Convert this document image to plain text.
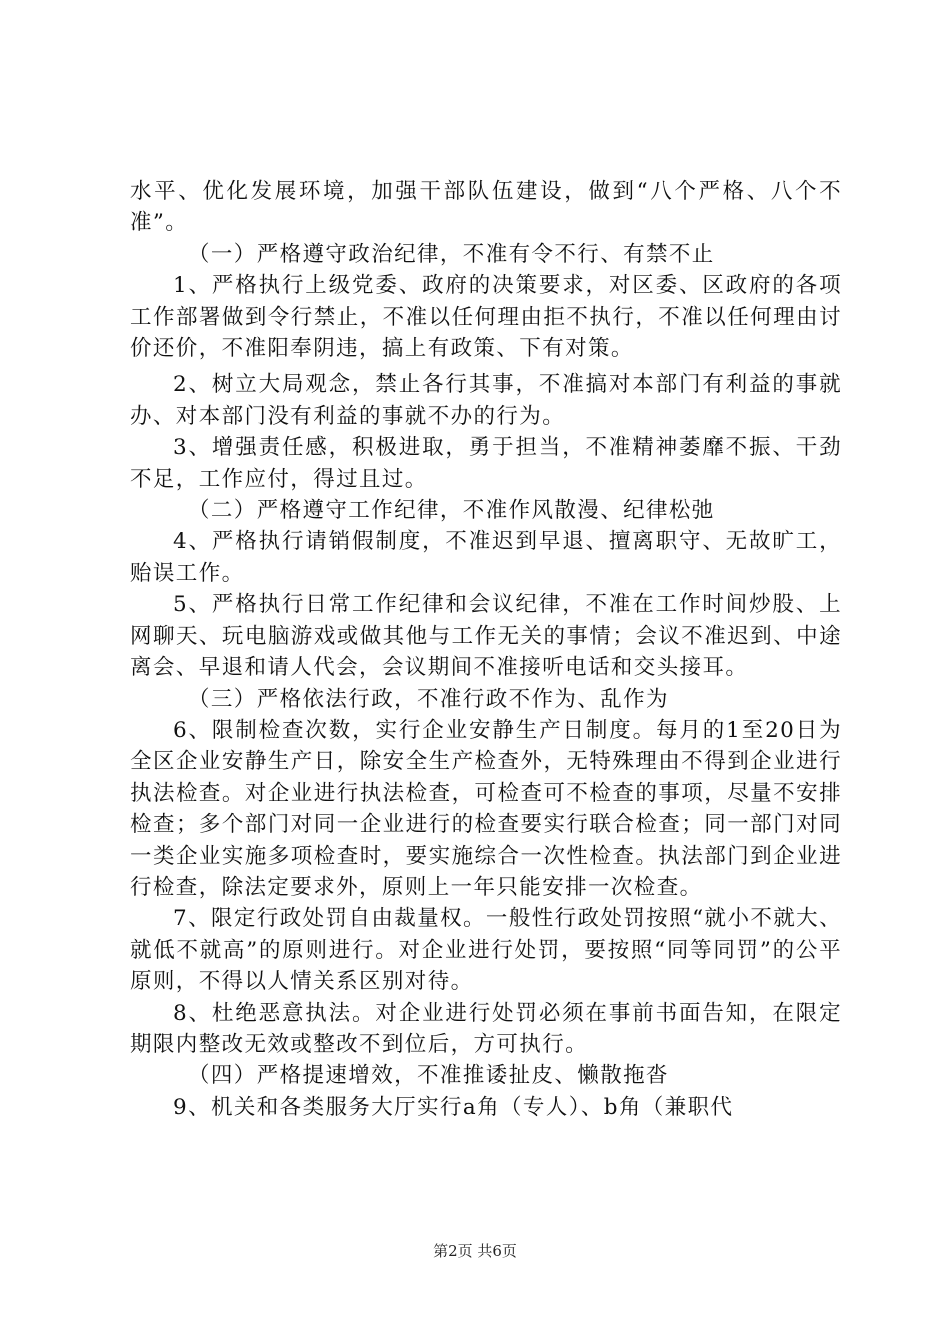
水平、优化发展环境，加强干部队伍建设，做到“八个严格、八个不准”。

（一）严格遵守政治纪律，不准有令不行、有禁不止

1、严格执行上级党委、政府的决策要求，对区委、区政府的各项工作部署做到令行禁止，不准以任何理由拒不执行，不准以任何理由讨价还价，不准阳奉阴违，搞上有政策、下有对策。

2、树立大局观念，禁止各行其事，不准搞对本部门有利益的事就办、对本部门没有利益的事就不办的行为。

3、增强责任感，积极进取，勇于担当，不准精神萎靡不振、干劲不足，工作应付，得过且过。

（二）严格遵守工作纪律，不准作风散漫、纪律松弛

4、严格执行请销假制度，不准迟到早退、擅离职守、无故旷工，贻误工作。

5、严格执行日常工作纪律和会议纪律，不准在工作时间炒股、上网聊天、玩电脑游戏或做其他与工作无关的事情；会议不准迟到、中途离会、早退和请人代会，会议期间不准接听电话和交头接耳。

（三）严格依法行政，不准行政不作为、乱作为

6、限制检查次数，实行企业安静生产日制度。每月的1至20日为全区企业安静生产日，除安全生产检查外，无特殊理由不得到企业进行执法检查。对企业进行执法检查，可检查可不检查的事项，尽量不安排检查；多个部门对同一企业进行的检查要实行联合检查；同一部门对同一类企业实施多项检查时，要实施综合一次性检查。执法部门到企业进行检查，除法定要求外，原则上一年只能安排一次检查。

7、限定行政处罚自由裁量权。一般性行政处罚按照“就小不就大、就低不就高”的原则进行。对企业进行处罚，要按照“同等同罚”的公平原则，不得以人情关系区别对待。

8、杜绝恶意执法。对企业进行处罚必须在事前书面告知，在限定期限内整改无效或整改不到位后，方可执行。

（四）严格提速增效，不准推诿扯皮、懒散拖沓

9、机关和各类服务大厅实行a角（专人）、b角（兼职代

第2页 共6页
